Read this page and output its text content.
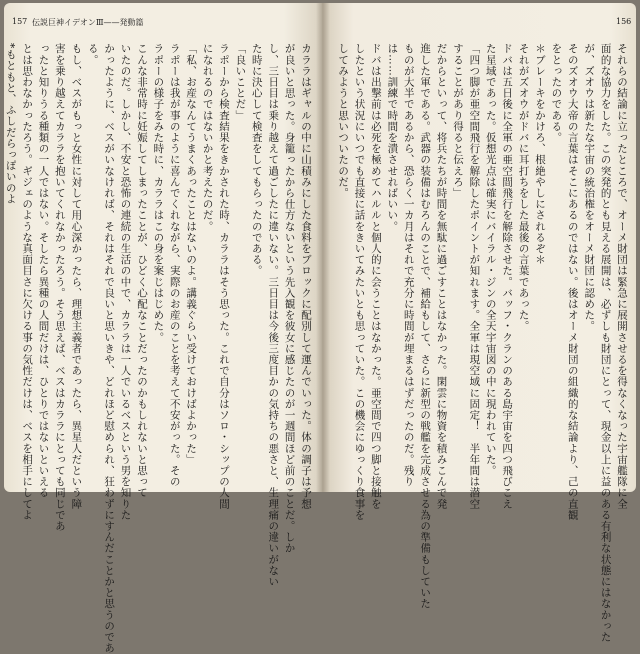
157 伝説巨神イデオンⅢ——発動篇	156
カララはギャルの中に山積みにした食料をブロックに配別して運んでいった。体の調子は予想
が良いと思った。身籠ったから仕方ないという先入観を彼女に感じたのが一週間ほど前のことだ。しか
し、三日目は乗り越えて過ごしたに違いない。三日目は今後三度目かの気持ちの悪さと、生理痛の違いがない
た時に決心して検査をしてもらったのである。
「良いことだ」
ラポーから検査結果をきかされた時、カララはそう思った。これで自分はソロ・シップの人間
になれるのではないかと考えたのだ。
「私、お産なんてうまくあったことはないのよ。講義ぐらい受けておけばよかった」
ラポーは我が事のように喜んでくれながら、実際のお産のことを考えて不安がった。その
ラポーの様子をみた時に、カララはこの身を案じはじめた。
こんな非常時に妊娠してしまったことが、ひどく心配なことだったのかもしれないと思って
いたのだ。しかし、不安と恐怖の連続の生活の中で、カララは一人でいるベスという男を知りた
かったように、ベスがいなければ、それはそれで良いと思いきや、どれほど慰められ、狂わずにすんだことかと思うのであ
る。
もし、ベスがもっと女性に対して用心深かったら、理想主義者であったら、異星人だという障
害を乗り越えてカララを抱いてくれなかったろう。そう思えば、ベスはカララにとっても同じであ
ったと知りうる種類の一人ではない。そしたら異種の人間だけは、ひとりではないといえる
とは思わなかったろう。ギジェのような真面目さに欠ける事の気性だけは、ベスを相手にしてよ
*もともと、ふしだらっぽいのよ	それらの結論に立ったところで、オーメ財団は緊急に展開させるを得なくなった宇宙艦隊に全
面的な協力をした。この突発的とも見える展開は、必ずしも財団にとって、現金以上に益のある有利な状態にはなかった
が、ズオウは新たな宇宙の統治権をオーメ財団に認めた。
そのズオウ大帝の言葉はそこにあるのではない。後はオーメ財団の組織的な結論より、己の直観
をとったのである。
＊ブレーキをかけろ、根絶やしにされるぞ＊
それがズオウがドバに耳打ちをした最後の言葉であった。
ドバは五日後に全軍の亜空間飛行を解除させた。バッフ・クランのある島宇宙を四つ飛びこえ
た星域であった。仮想光点は確実にバイラル・ジンの全天宇宙図の中に現われていた。
「四つ脚が亜空間飛行を解除したポイントが知れます。全軍は現空域に固定！　半年間は潜空
することがあり得ると伝えろ」
だからといって、将兵たちが時間を無駄に過ごすことはなかった。閑雲に物資を積みこんで発
進した軍である。武器の装備はむろんのことで、補給もして、さらに新型の戦艦を完成させる為の準備もしていた
ものが大半であるから、恐らく一カ月はそれで充分に時間が埋まるはずだったのだ。残り
は……訓練で時間を潰させればいい。
ドバは出撃前は必死を極めてハルルと個人的に会うことはなかった。亜空間で四つ脚と接触を
したという状況にいつでも直接に話をきいてみたいとも思っていた。この機会にゆっくり食事を
してみようと思いついたのだ。
